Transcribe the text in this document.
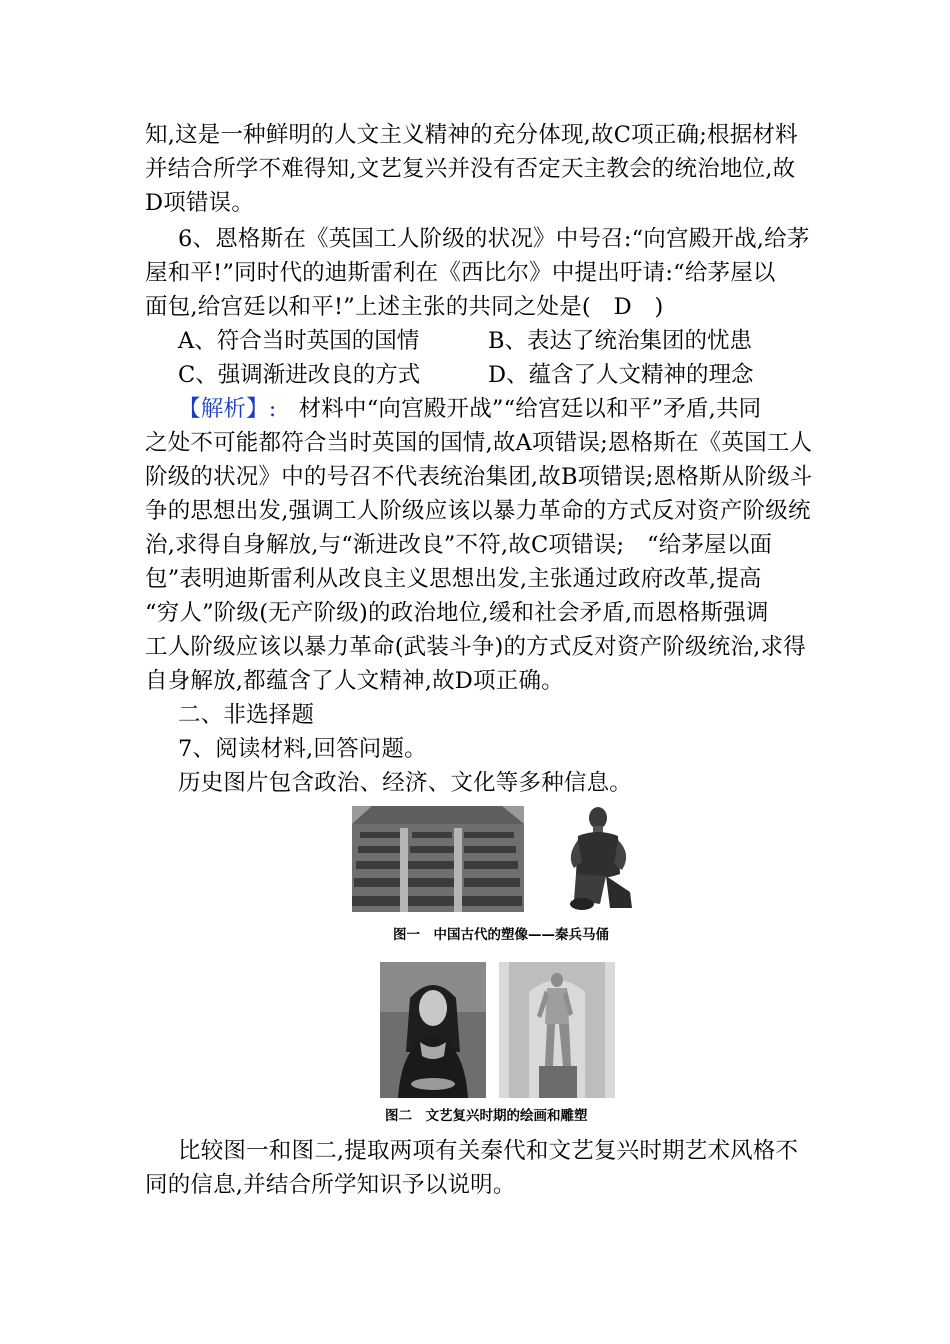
知,这是一种鲜明的人文主义精神的充分体现,故C项正确;根据材料
并结合所学不难得知,文艺复兴并没有否定天主教会的统治地位,故
D项错误。
6、恩格斯在《英国工人阶级的状况》中号召:“向宫殿开战,给茅
屋和平!”同时代的迪斯雷利在《西比尔》中提出吁请:“给茅屋以
面包,给宫廷以和平!”上述主张的共同之处是(　D　)
A、符合当时英国的国情	B、表达了统治集团的忧患
C、强调渐进改良的方式	D、蕴含了人文精神的理念
【解析】: 材料中“向宫殿开战”“给宫廷以和平”矛盾,共同
之处不可能都符合当时英国的国情,故A项错误;恩格斯在《英国工人
阶级的状况》中的号召不代表统治集团,故B项错误;恩格斯从阶级斗
争的思想出发,强调工人阶级应该以暴力革命的方式反对资产阶级统
治,求得自身解放,与“渐进改良”不符,故C项错误;　“给茅屋以面
包”表明迪斯雷利从改良主义思想出发,主张通过政府改革,提高
“穷人”阶级(无产阶级)的政治地位,缓和社会矛盾,而恩格斯强调
工人阶级应该以暴力革命(武装斗争)的方式反对资产阶级统治,求得
自身解放,都蕴含了人文精神,故D项正确。
二、非选择题
7、阅读材料,回答问题。
历史图片包含政治、经济、文化等多种信息。
图一　中国古代的塑像——秦兵马俑
图二　文艺复兴时期的绘画和雕塑
比较图一和图二,提取两项有关秦代和文艺复兴时期艺术风格不
同的信息,并结合所学知识予以说明。
